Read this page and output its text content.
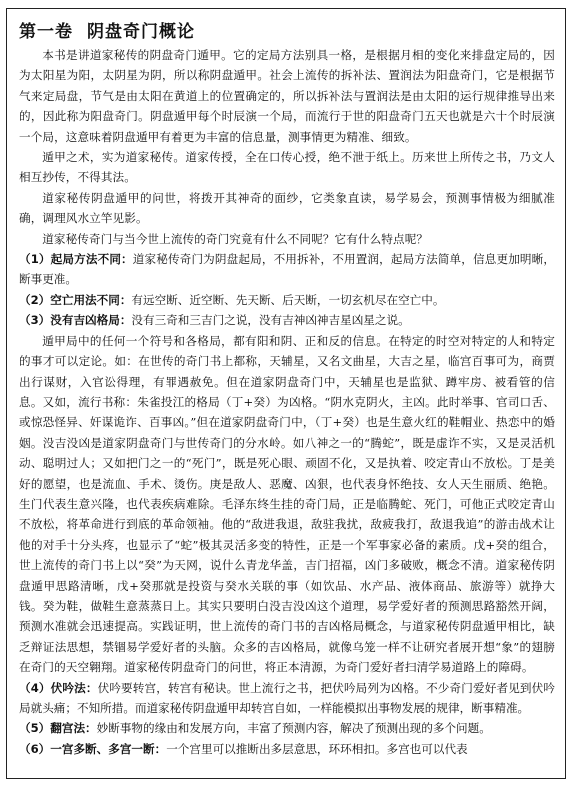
第一卷 阴盘奇门概论

本书是讲道家秘传的阴盘奇门遁甲。它的定局方法别具一格，是根据月相的变化来排盘定局的，因为太阳星为阳，太阴星为阴，所以称阴盘遁甲。社会上流传的拆补法、置润法为阳盘奇门，它是根据节气来定局盘，节气是由太阳在黄道上的位置确定的，所以拆补法与置润法是由太阳的运行规律推导出来的，因此称为阳盘奇门。阴盘遁甲每个时辰演一个局，而流行于世的阳盘奇门五天也就是六十个时辰演一个局，这意味着阴盘遁甲有着更为丰富的信息量，测事情更为精准、细致。

遁甲之术，实为道家秘传。道家传授，全在口传心授，绝不泄于纸上。历来世上所传之书，乃文人相互抄传，不得其法。

道家秘传阴盘遁甲的问世，将拨开其神奇的面纱，它类象直读，易学易会，预测事情极为细腻准确，调理风水立竿见影。

道家秘传奇门与当今世上流传的奇门究竟有什么不同呢？它有什么特点呢？

（1）起局方法不同：道家秘传奇门为阴盘起局，不用拆补，不用置润，起局方法简单，信息更加明晰，断事更准。

（2）空亡用法不同：有远空断、近空断、先天断、后天断，一切玄机尽在空亡中。

（3）没有吉凶格局：没有三奇和三吉门之说，没有吉神凶神吉星凶星之说。

遁甲局中的任何一个符号和各格局，都有阳和阴、正和反的信息。在特定的时空对特定的人和特定的事才可以定论。如：在世传的奇门书上都称，天辅星，又名文曲星，大吉之星，临宫百事可为，商贾出行谋财，入官讼得理，有罪遇赦免。但在道家阴盘奇门中，天辅星也是监狱、蹲牢房、被看管的信息。又如，流行书称：朱雀投江的格局（丁+癸）为凶格。“阴水克阴火，主凶。此时举事、官司口舌、或惊恐怪异、奸谋诡诈、百事凶。”但在道家阴盘奇门中，（丁+癸）也是生意火红的鞋帽业、热恋中的婚姻。没吉没凶是道家阴盘奇门与世传奇门的分水岭。如八神之一的“腾蛇”，既是虚诈不实，又是灵活机动、聪明过人；又如把门之一的“死门”，既是死心眼、顽固不化，又是执着、咬定青山不放松。丁是美好的愿望，也是流血、手术、烫伤。庚是敌人、恶魔、凶狠，也代表身怀绝技、女人天生丽质、绝艳。生门代表生意兴隆，也代表疾病难除。毛泽东终生挂的奇门局，正是临腾蛇、死门，可他正式咬定青山不放松，将革命进行到底的革命领袖。他的“敌进我退，敌驻我扰，敌疲我打，敌退我追”的游击战术让他的对手十分头疼，也显示了“蛇”极其灵活多变的特性，正是一个军事家必备的素质。戊+癸的组合，世上流传的奇门书上以“癸”为天网，说什么青龙华盖，吉门招福，凶门多破败，概念不清。道家秘传阴盘遁甲思路清晰，戊+癸那就是投资与癸水关联的事（如饮品、水产品、液体商品、旅游等）就挣大钱。癸为鞋，做鞋生意蒸蒸日上。其实只要明白没吉没凶这个道理，易学爱好者的预测思路豁然开阔，预测水准就会迅速提高。实践证明，世上流传的奇门书的吉凶格局概念，与道家秘传阴盘遁甲相比，缺乏辩证法思想，禁锢易学爱好者的头脑。众多的吉凶格局，就像乌笼一样不让研究者展开想“象”的翅膀在奇门的天空翱翔。道家秘传阴盘奇门的问世，将正本清源，为奇门爱好者扫清学易道路上的障碍。

（4）伏吟法：伏吟要转宫，转宫有秘诀。世上流行之书，把伏吟局列为凶格。不少奇门爱好者见到伏吟局就头痛；不知所措。而道家秘传阴盘遁甲却转宫自如，一样能模拟出事物发展的规律，断事精准。

（5）翻宫法：妙断事物的缘由和发展方向，丰富了预测内容，解决了预测出现的多个问题。

（6）一宫多断、多宫一断：一个宫里可以推断出多层意思，环环相扣。多宫也可以代表
